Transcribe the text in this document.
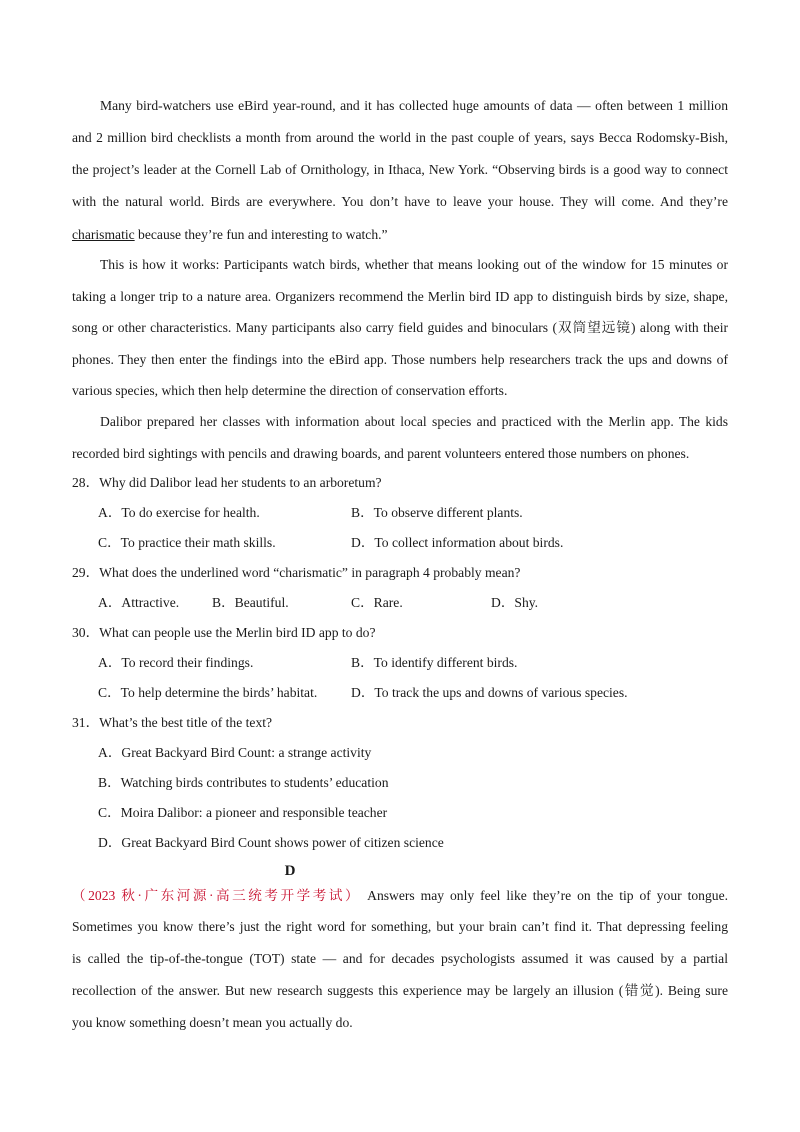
Many bird-watchers use eBird year-round, and it has collected huge amounts of data — often between 1 million
and 2 million bird checklists a month from around the world in the past couple of years, says Becca Rodomsky-Bish,
the project’s leader at the Cornell Lab of Ornithology, in Ithaca, New York. “Observing birds is a good way to connect
with the natural world. Birds are everywhere. You don’t have to leave your house. They will come. And they’re
charismatic because they’re fun and interesting to watch.”
This is how it works: Participants watch birds, whether that means looking out of the window for 15 minutes or
taking a longer trip to a nature area. Organizers recommend the Merlin bird ID app to distinguish birds by size, shape,
song or other characteristics. Many participants also carry field guides and binoculars (双筒望远镜) along with their
phones. They then enter the findings into the eBird app. Those numbers help researchers track the ups and downs of
various species, which then help determine the direction of conservation efforts.
Dalibor prepared her classes with information about local species and practiced with the Merlin app. The kids
recorded bird sightings with pencils and drawing boards, and parent volunteers entered those numbers on phones.
28．Why did Dalibor lead her students to an arboretum?
A．To do exercise for health.	B．To observe different plants.
C．To practice their math skills.	D．To collect information about birds.
29．What does the underlined word “charismatic” in paragraph 4 probably mean?
A．Attractive. B．Beautiful.	C．Rare.	D．Shy.
30．What can people use the Merlin bird ID app to do?
A．To record their findings.	B．To identify different birds.
C．To help determine the birds’ habitat. D．To track the ups and downs of various species.
31．What’s the best title of the text?
A．Great Backyard Bird Count: a strange activity
B．Watching birds contributes to students’ education
C．Moira Dalibor: a pioneer and responsible teacher
D．Great Backyard Bird Count shows power of citizen science
D
（2023 秋·广东河源·高三统考开学考试） Answers may only feel like they’re on the tip of your tongue.
Sometimes you know there’s just the right word for something, but your brain can’t find it. That depressing feeling
is called the tip-of-the-tongue (TOT) state — and for decades psychologists assumed it was caused by a partial
recollection of the answer. But new research suggests this experience may be largely an illusion (错觉). Being sure
you know something doesn’t mean you actually do.
